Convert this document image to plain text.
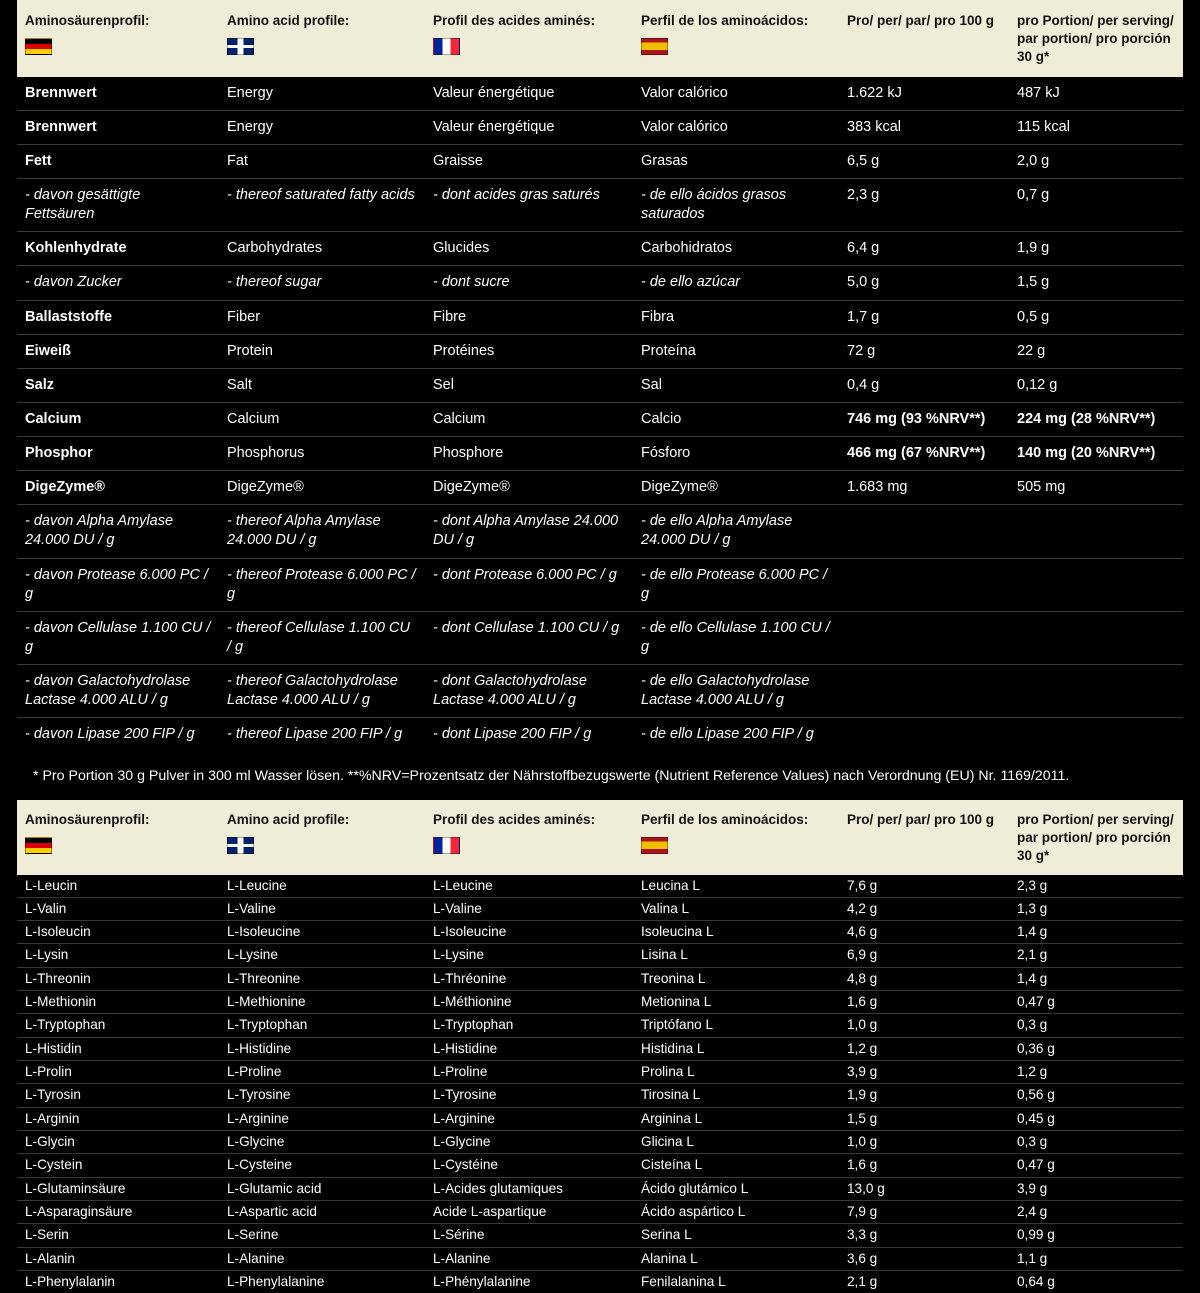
Aminosäurenprofil:	Amino acid profile:	Profil des acides aminés:	Perfil de los aminoácidos:	Pro/ per/ par/ pro 100 g	pro Portion/ per serving/ par portion/ pro porción 30 g*
Brennwert	Energy	Valeur énergétique	Valor calórico	1.622 kJ	487 kJ
Brennwert	Energy	Valeur énergétique	Valor calórico	383 kcal	115 kcal
Fett	Fat	Graisse	Grasas	6,5 g	2,0 g
- davon gesättigte Fettsäuren	- thereof saturated fatty acids	- dont acides gras saturés	- de ello ácidos grasos saturados	2,3 g	0,7 g
Kohlenhydrate	Carbohydrates	Glucides	Carbohidratos	6,4 g	1,9 g
- davon Zucker	- thereof sugar	- dont sucre	- de ello azúcar	5,0 g	1,5 g
Ballaststoffe	Fiber	Fibre	Fibra	1,7 g	0,5 g
Eiweiß	Protein	Protéines	Proteína	72 g	22 g
Salz	Salt	Sel	Sal	0,4 g	0,12 g
Calcium	Calcium	Calcium	Calcio	746 mg (93 %NRV**)	224 mg (28 %NRV**)
Phosphor	Phosphorus	Phosphore	Fósforo	466 mg (67 %NRV**)	140 mg (20 %NRV**)
DigeZyme®	DigeZyme®	DigeZyme®	DigeZyme®	1.683 mg	505 mg
- davon Alpha Amylase 24.000 DU / g	- thereof Alpha Amylase 24.000 DU / g	- dont Alpha Amylase 24.000 DU / g	- de ello Alpha Amylase 24.000 DU / g		
- davon Protease 6.000 PC / g	- thereof Protease 6.000 PC / g	- dont Protease 6.000 PC / g	- de ello Protease 6.000 PC / g		
- davon Cellulase 1.100 CU / g	- thereof Cellulase 1.100 CU / g	- dont Cellulase 1.100 CU / g	- de ello Cellulase 1.100 CU / g		
- davon Galactohydrolase Lactase 4.000 ALU / g	- thereof Galactohydrolase Lactase 4.000 ALU / g	- dont Galactohydrolase Lactase 4.000 ALU / g	- de ello Galactohydrolase Lactase 4.000 ALU / g		
- davon Lipase 200 FIP / g	- thereof Lipase 200 FIP / g	- dont Lipase 200 FIP / g	- de ello Lipase 200 FIP / g		
* Pro Portion 30 g Pulver in 300 ml Wasser lösen. **%NRV=Prozentsatz der Nährstoffbezugswerte (Nutrient Reference Values) nach Verordnung (EU) Nr. 1169/2011.
Aminosäurenprofil:	Amino acid profile:	Profil des acides aminés:	Perfil de los aminoácidos:	Pro/ per/ par/ pro 100 g	pro Portion/ per serving/ par portion/ pro porción 30 g*
L-Leucin	L-Leucine	L-Leucine	Leucina L	7,6 g	2,3 g
L-Valin	L-Valine	L-Valine	Valina L	4,2 g	1,3 g
L-Isoleucin	L-Isoleucine	L-Isoleucine	Isoleucina L	4,6 g	1,4 g
L-Lysin	L-Lysine	L-Lysine	Lisina L	6,9 g	2,1 g
L-Threonin	L-Threonine	L-Thréonine	Treonina L	4,8 g	1,4 g
L-Methionin	L-Methionine	L-Méthionine	Metionina L	1,6 g	0,47 g
L-Tryptophan	L-Tryptophan	L-Tryptophan	Triptófano L	1,0 g	0,3 g
L-Histidin	L-Histidine	L-Histidine	Histidina L	1,2 g	0,36 g
L-Prolin	L-Proline	L-Proline	Prolina L	3,9 g	1,2 g
L-Tyrosin	L-Tyrosine	L-Tyrosine	Tirosina L	1,9 g	0,56 g
L-Arginin	L-Arginine	L-Arginine	Arginina L	1,5 g	0,45 g
L-Glycin	L-Glycine	L-Glycine	Glicina L	1,0 g	0,3 g
L-Cystein	L-Cysteine	L-Cystéine	Cisteína L	1,6 g	0,47 g
L-Glutaminsäure	L-Glutamic acid	L-Acides glutamiques	Ácido glutámico L	13,0 g	3,9 g
L-Asparaginsäure	L-Aspartic acid	Acide L-aspartique	Ácido aspártico L	7,9 g	2,4 g
L-Serin	L-Serine	L-Sérine	Serina L	3,3 g	0,99 g
L-Alanin	L-Alanine	L-Alanine	Alanina L	3,6 g	1,1 g
L-Phenylalanin	L-Phenylalanine	L-Phénylalanine	Fenilalanina L	2,1 g	0,64 g
